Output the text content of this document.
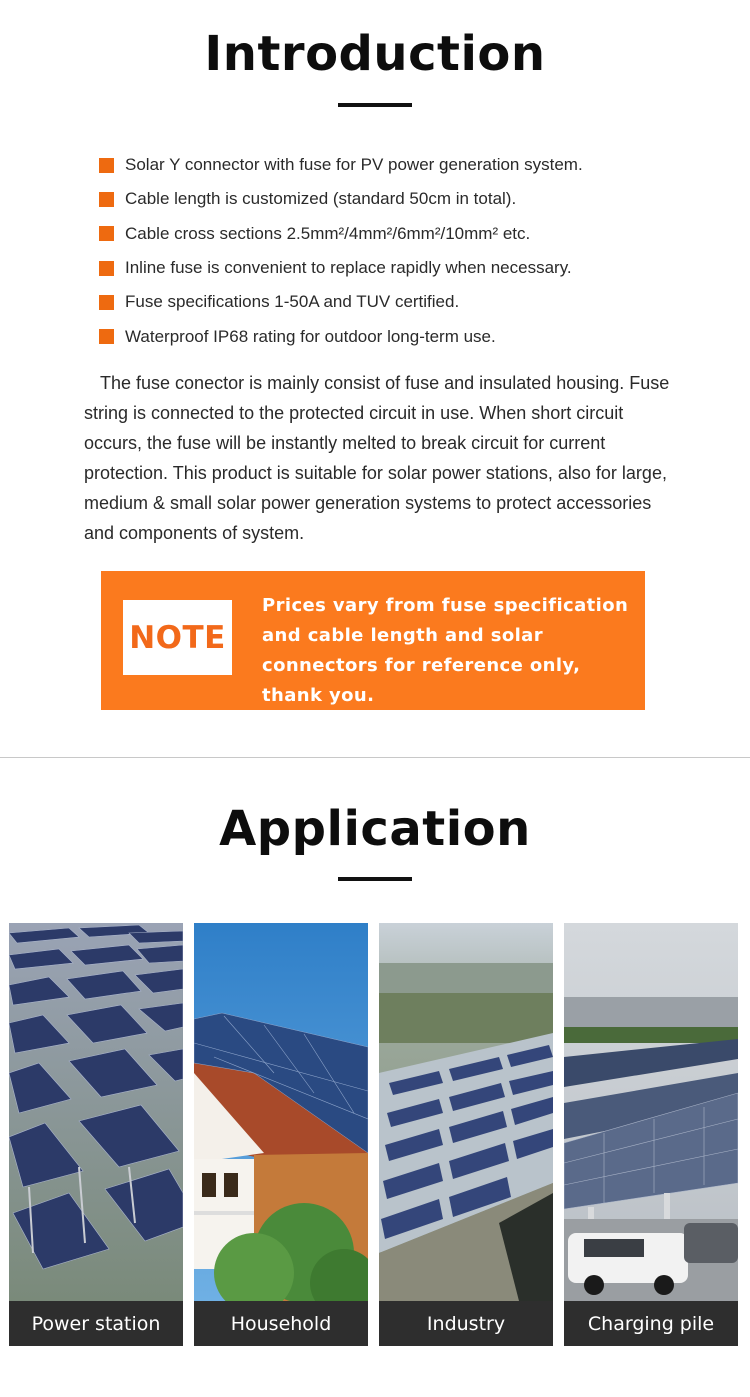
Introduction
Solar Y connector with fuse for PV power generation system.
Cable length is customized (standard 50cm in total).
Cable cross sections 2.5mm²/4mm²/6mm²/10mm² etc.
Inline fuse is convenient to replace rapidly when necessary.
Fuse specifications 1-50A and TUV certified.
Waterproof IP68 rating for outdoor long-term use.

The fuse conector is mainly consist of fuse and insulated housing. Fuse string is connected to the protected circuit in use. When short circuit occurs, the fuse will be instantly melted to break circuit for current protection. This product is suitable for solar power stations, also for large, medium & small solar power generation systems to protect accessories and components of system.

NOTE
Prices vary from fuse specification and cable length and solar connectors for reference only, thank you.
Application
Power station	Household	Industry	Charging pile
